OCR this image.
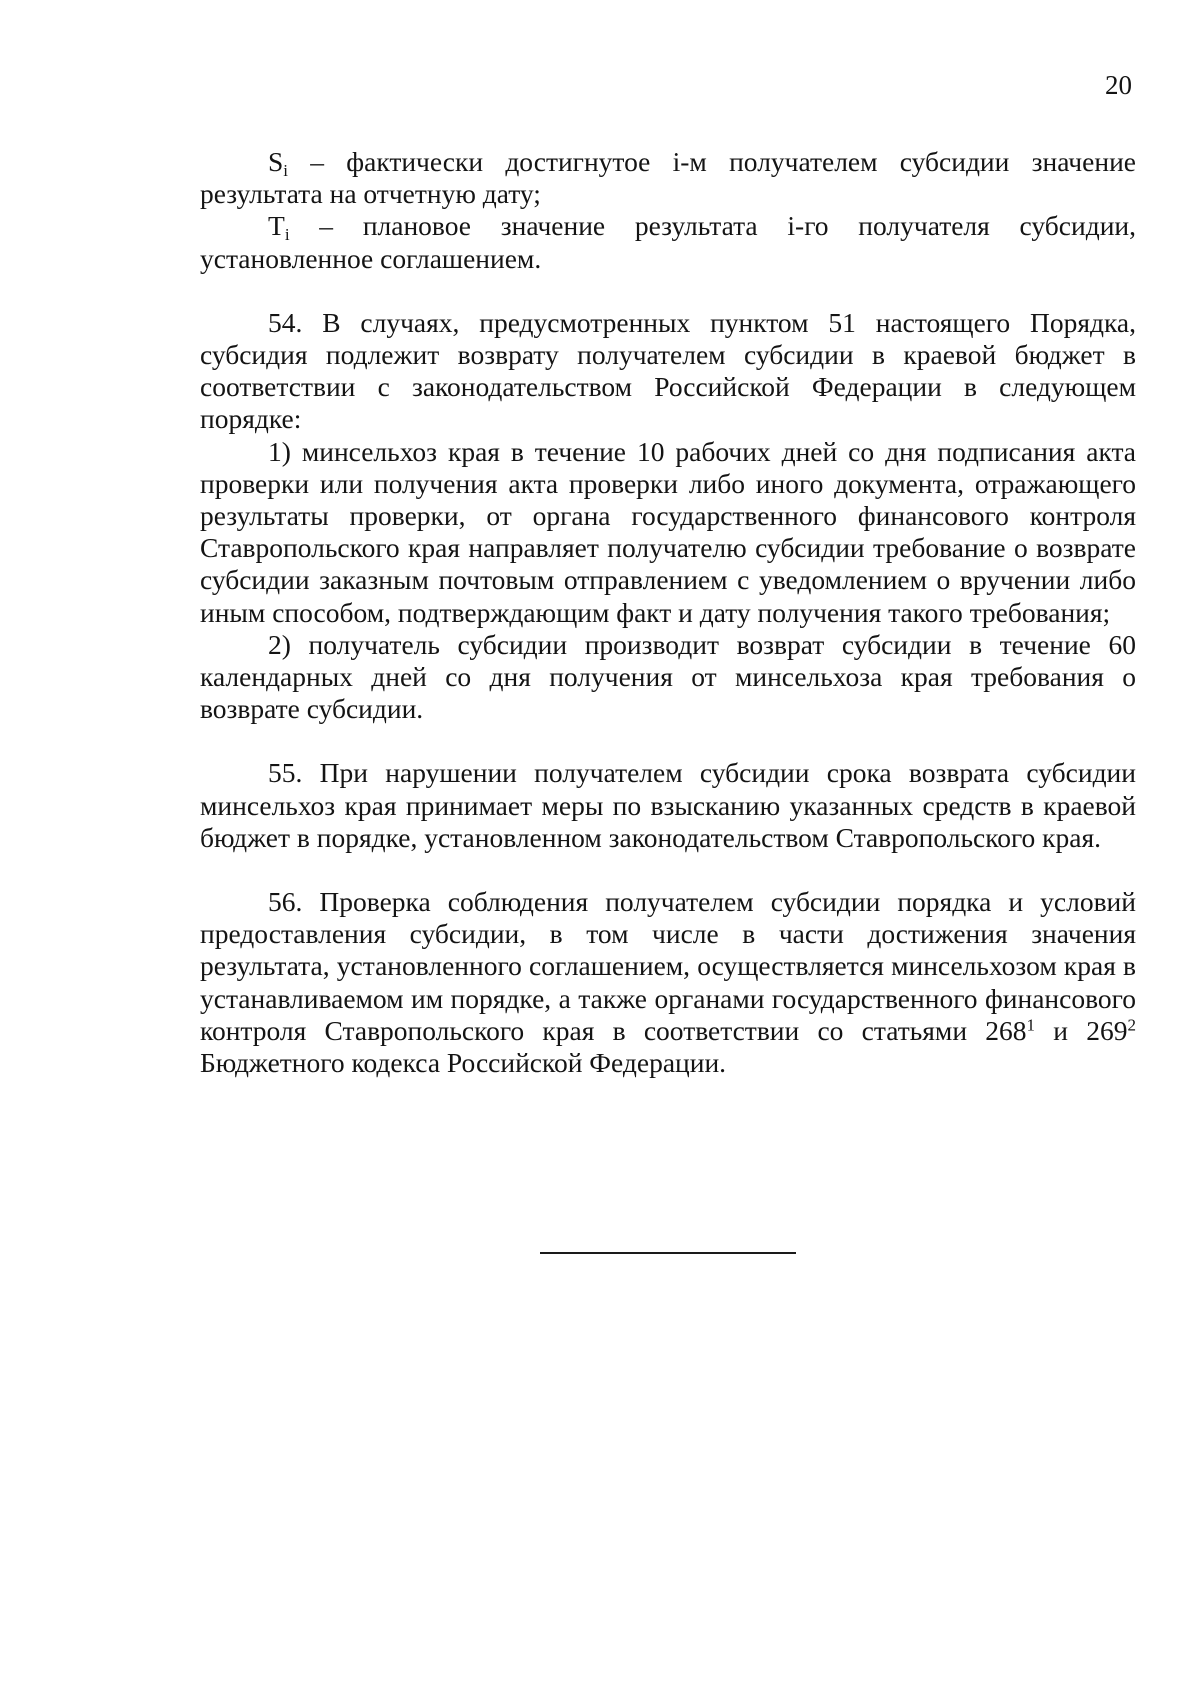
20

$S_i$ – фактически достигнутое i-м получателем субсидии значение результата на отчетную дату;

$T_i$ – плановое значение результата i-го получателя субсидии, установленное соглашением.

54. В случаях, предусмотренных пунктом 51 настоящего Порядка, субсидия подлежит возврату получателем субсидии в краевой бюджет в соответствии с законодательством Российской Федерации в следующем порядке:

1) минсельхоз края в течение 10 рабочих дней со дня подписания акта проверки или получения акта проверки либо иного документа, отражающего результаты проверки, от органа государственного финансового контроля Ставропольского края направляет получателю субсидии требование о возврате субсидии заказным почтовым отправлением с уведомлением о вручении либо иным способом, подтверждающим факт и дату получения такого требования;

2) получатель субсидии производит возврат субсидии в течение 60 календарных дней со дня получения от минсельхоза края требования о возврате субсидии.

55. При нарушении получателем субсидии срока возврата субсидии минсельхоз края принимает меры по взысканию указанных средств в краевой бюджет в порядке, установленном законодательством Ставропольского края.

56. Проверка соблюдения получателем субсидии порядка и условий предоставления субсидии, в том числе в части достижения значения результата, установленного соглашением, осуществляется минсельхозом края в устанавливаемом им порядке, а также органами государственного финансового контроля Ставропольского края в соответствии со статьями $268^1$ и $269^2$ Бюджетного кодекса Российской Федерации.
